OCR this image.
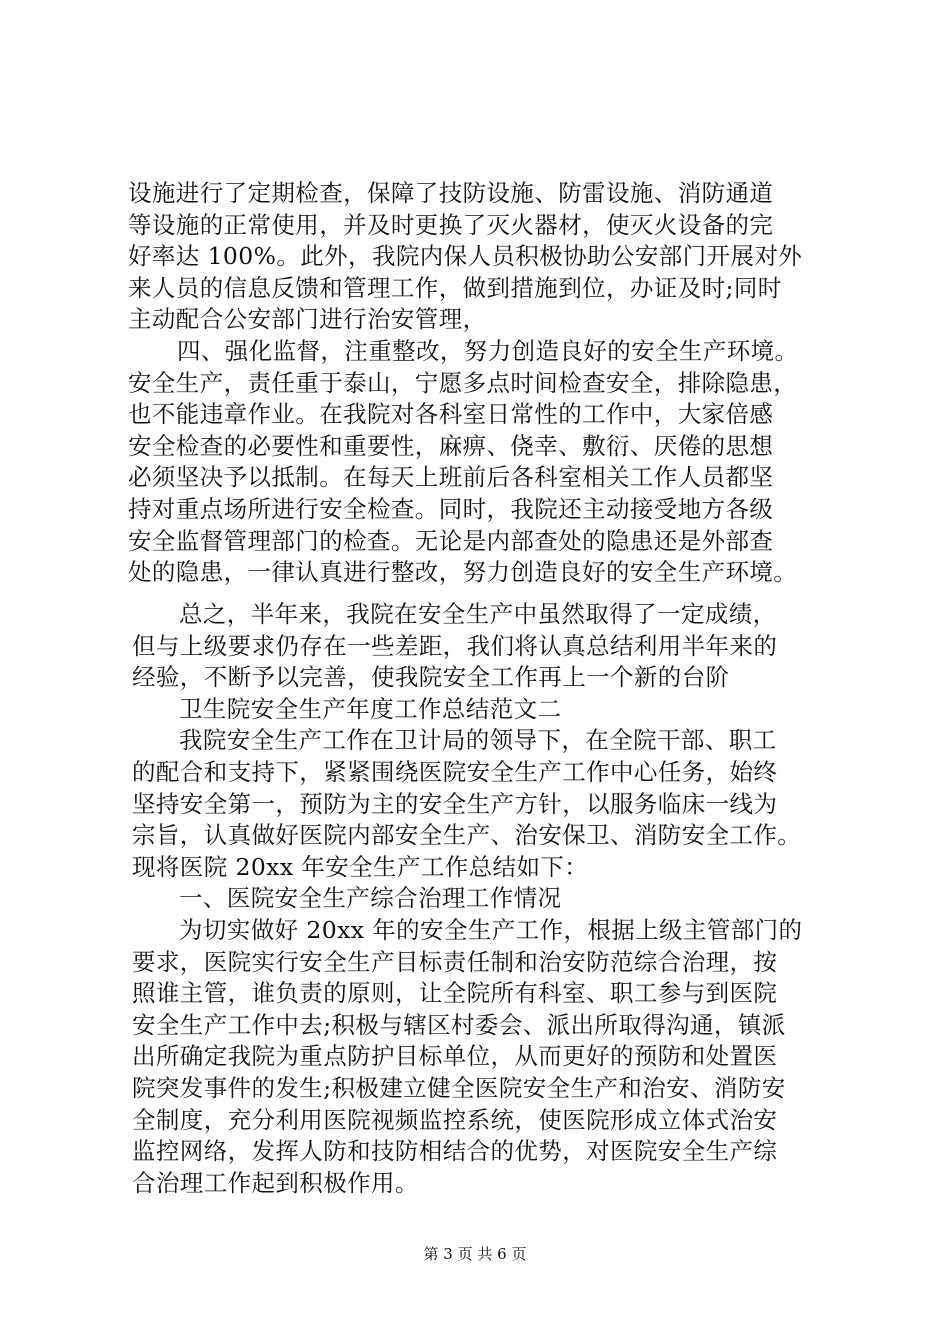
设施进行了定期检查，保障了技防设施、防雷设施、消防通道
等设施的正常使用，并及时更换了灭火器材，使灭火设备的完
好率达 100%。此外，我院内保人员积极协助公安部门开展对外
来人员的信息反馈和管理工作，做到措施到位，办证及时;同时
主动配合公安部门进行治安管理，
四、强化监督，注重整改，努力创造良好的安全生产环境。
安全生产，责任重于泰山，宁愿多点时间检查安全，排除隐患，
也不能违章作业。在我院对各科室日常性的工作中，大家倍感
安全检查的必要性和重要性，麻痹、侥幸、敷衍、厌倦的思想
必须坚决予以抵制。在每天上班前后各科室相关工作人员都坚
持对重点场所进行安全检查。同时，我院还主动接受地方各级
安全监督管理部门的检查。无论是内部查处的隐患还是外部查
处的隐患，一律认真进行整改，努力创造良好的安全生产环境。
总之，半年来，我院在安全生产中虽然取得了一定成绩，
但与上级要求仍存在一些差距，我们将认真总结利用半年来的
经验，不断予以完善，使我院安全工作再上一个新的台阶
卫生院安全生产年度工作总结范文二
我院安全生产工作在卫计局的领导下，在全院干部、职工
的配合和支持下，紧紧围绕医院安全生产工作中心任务，始终
坚持安全第一，预防为主的安全生产方针，以服务临床一线为
宗旨，认真做好医院内部安全生产、治安保卫、消防安全工作。
现将医院 20xx 年安全生产工作总结如下：
一、医院安全生产综合治理工作情况
为切实做好 20xx 年的安全生产工作，根据上级主管部门的
要求，医院实行安全生产目标责任制和治安防范综合治理，按
照谁主管，谁负责的原则，让全院所有科室、职工参与到医院
安全生产工作中去;积极与辖区村委会、派出所取得沟通，镇派
出所确定我院为重点防护目标单位，从而更好的预防和处置医
院突发事件的发生;积极建立健全医院安全生产和治安、消防安
全制度，充分利用医院视频监控系统，使医院形成立体式治安
监控网络，发挥人防和技防相结合的优势，对医院安全生产综
合治理工作起到积极作用。
第 3 页 共 6 页
